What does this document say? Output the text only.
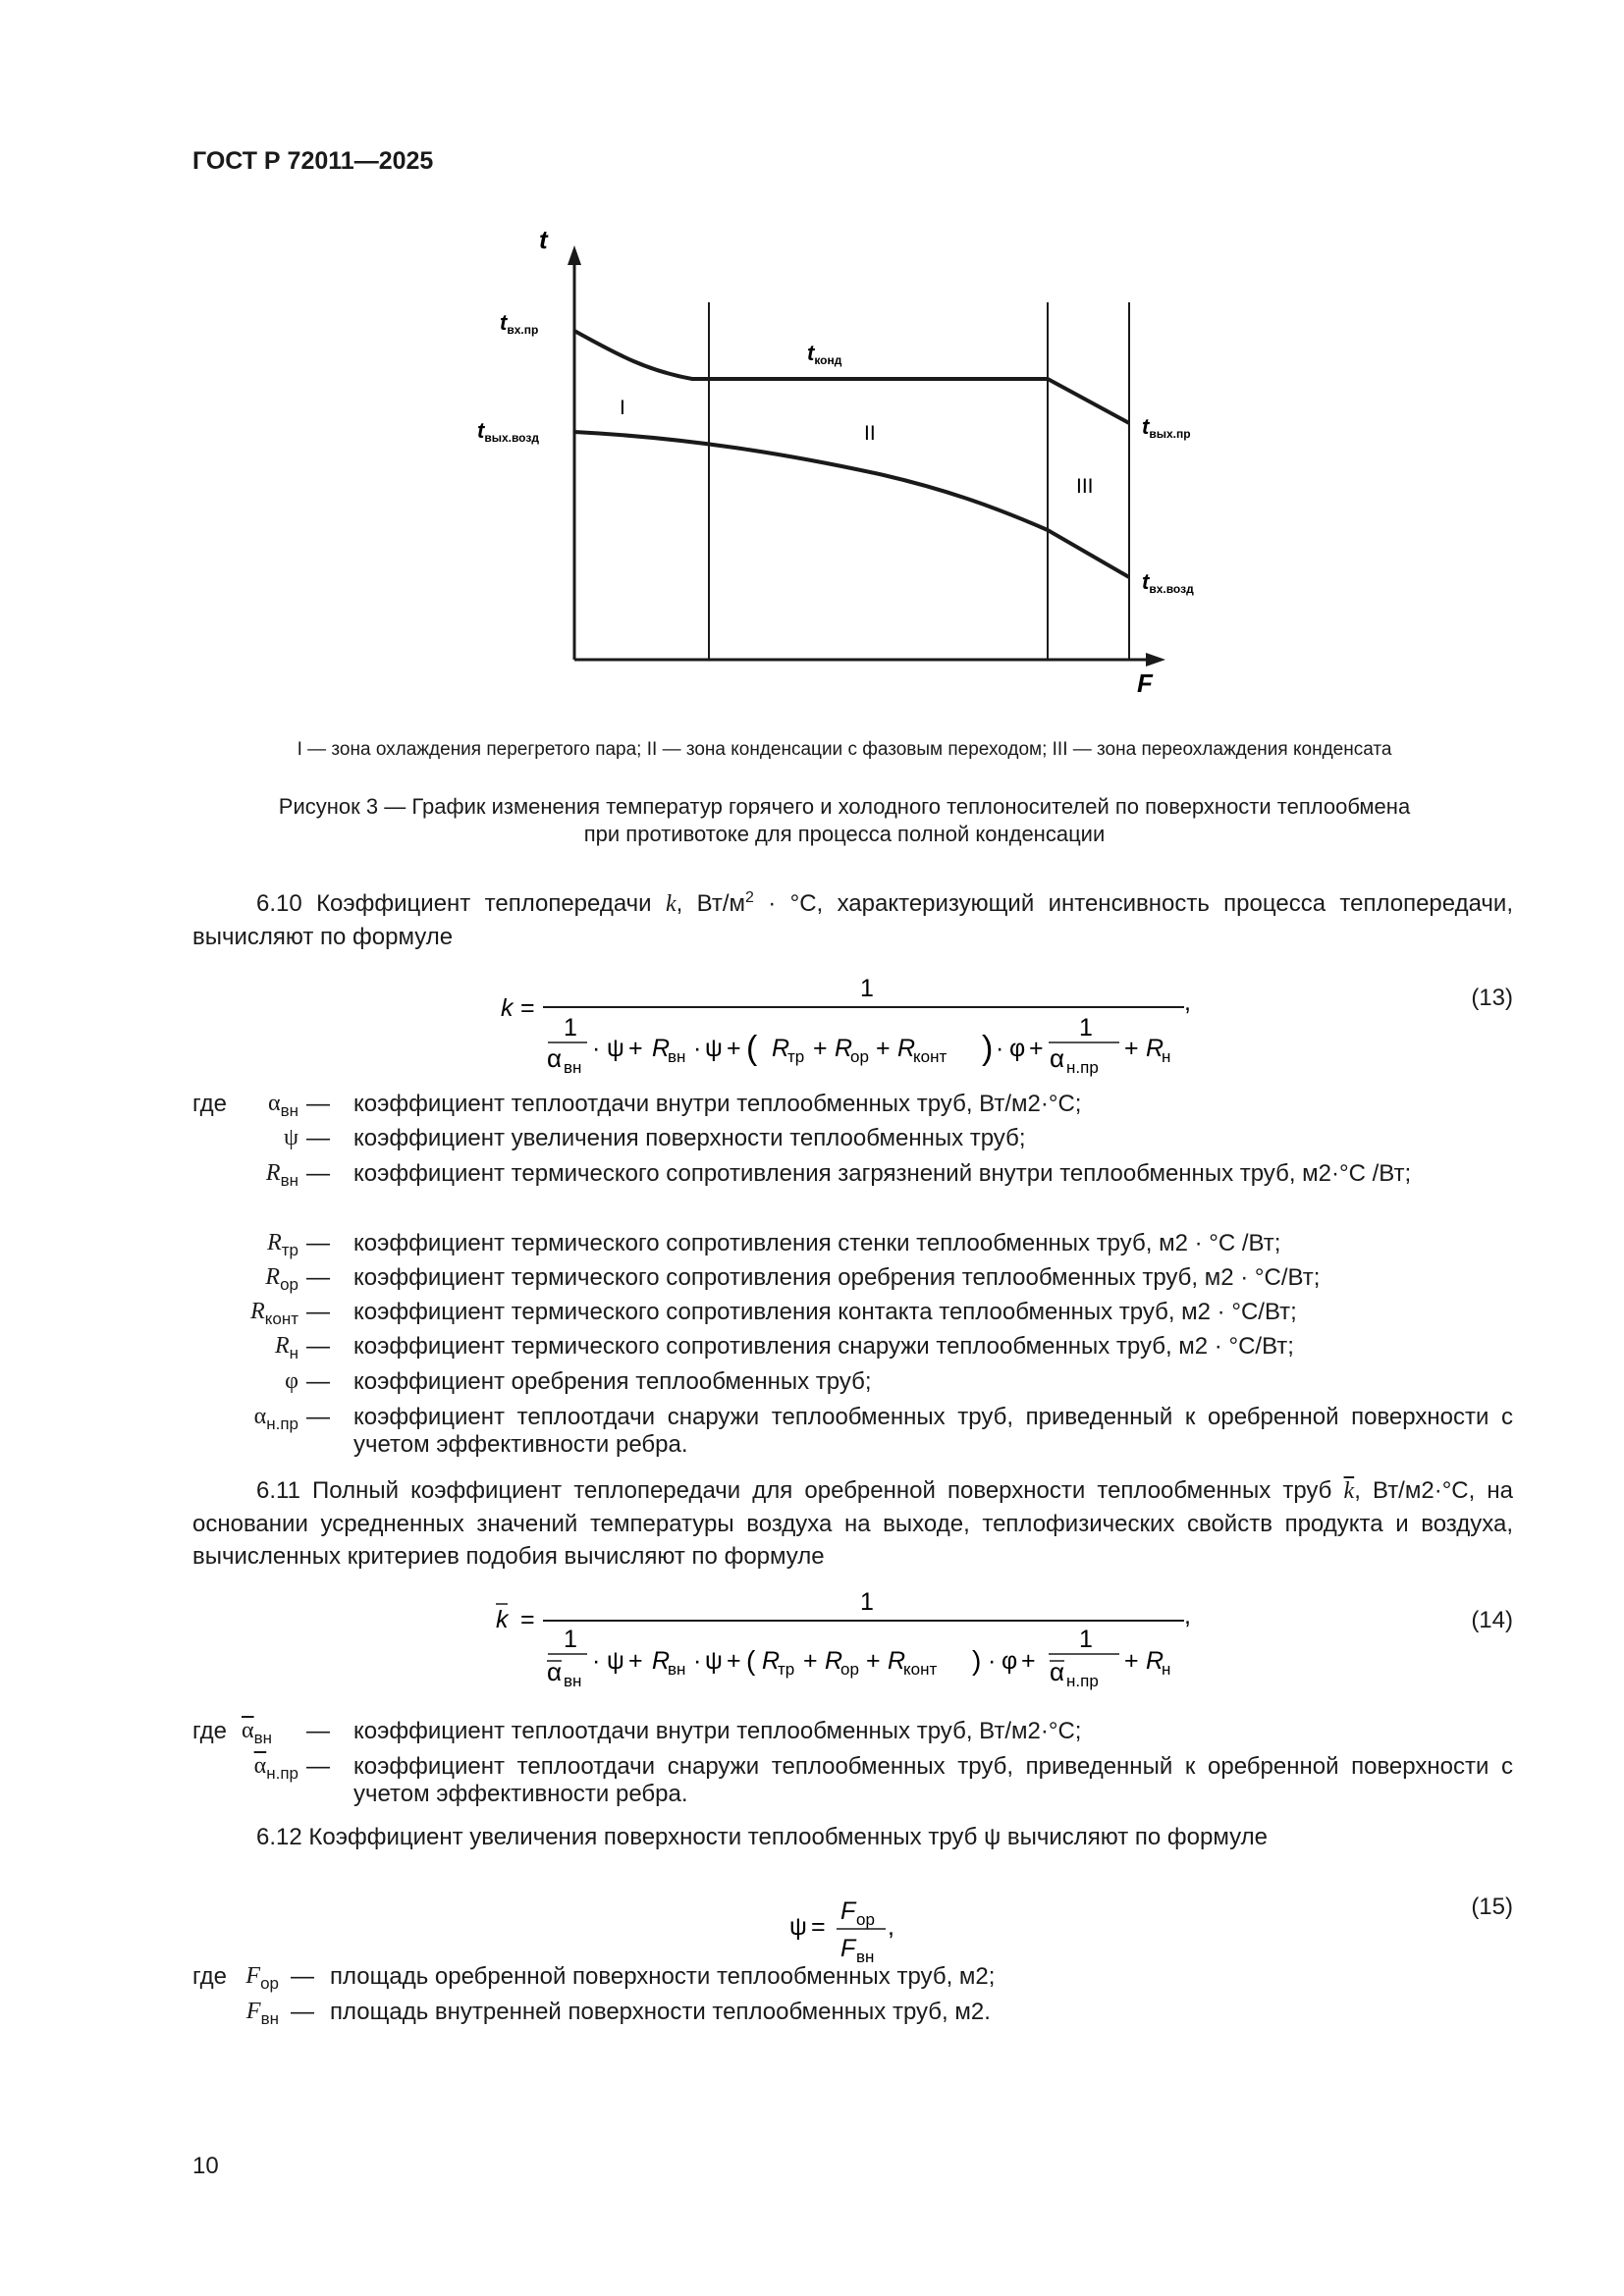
ГОСТ Р 72011—2025
t
F
tвх.пр
tвых.возд
tконд
tвых.пр
tвх.возд
I
II
III
I — зона охлаждения перегретого пара; II — зона конденсации с фазовым переходом; III — зона переохлаждения конденсата
Рисунок 3 — График изменения температур горячего и холодного теплоносителей по поверхности теплообмена
при противотоке для процесса полной конденсации
6.10 Коэффициент теплопередачи k, $Вт/м^2 \cdot ^\circ С$, характеризующий интенсивность процесса теплопередачи, вычисляют по формуле
k =
1
1
α вн
· ψ + R
вн · ψ + ( R
тр + R
ор + R
конт ) · φ +
1
α н.пр
+ R
н
,	(13)
где	$\alpha_{вн}$ — коэффициент теплоотдачи внутри теплообменных труб, Вт/м2·°С;
ψ — коэффициент увеличения поверхности теплообменных труб;
$R_{вн}$ — коэффициент термического сопротивления загрязнений внутри теплообменных труб, м2·°С /Вт;
$R_{тр}$ — коэффициент термического сопротивления стенки теплообменных труб, м2 · °С /Вт;
$R_{ор}$ — коэффициент термического сопротивления оребрения теплообменных труб, м2 · °С/Вт;
$R_{конт}$ — коэффициент термического сопротивления контакта теплообменных труб, м2 · °С/Вт;
$R_н$ — коэффициент термического сопротивления снаружи теплообменных труб, м2 · °С/Вт;
φ — коэффициент оребрения теплообменных труб;
$\alpha_{н.пр}$ — коэффициент теплоотдачи снаружи теплообменных труб, приведенный к оребренной поверхности с учетом эффективности ребра.
6.11 Полный коэффициент теплопередачи для оребренной поверхности теплообменных труб $\overline{k}$, Вт/м2·°С, на основании усредненных значений температуры воздуха на выходе, теплофизических свойств продукта и воздуха, вычисленных критериев подобия вычисляют по формуле
k =
1
1
α вн
· ψ + R
вн · ψ + ( R
тр + R
ор + R
конт ) · φ +
1
α н.пр
+ R
н
,	(14)
где $\overline{\alpha}_{вн}$	— коэффициент теплоотдачи внутри теплообменных труб, Вт/м2·°С;
$\overline{\alpha}_{н.пр}$ — коэффициент теплоотдачи снаружи теплообменных труб, приведенный к оребренной поверхности с учетом эффективности ребра.
6.12 Коэффициент увеличения поверхности теплообменных труб ψ вычисляют по формуле
ψ =
F ор
F вн
,
(15)
где $F_{ор}$ — площадь оребренной поверхности теплообменных труб, м2;
$F_{вн}$ — площадь внутренней поверхности теплообменных труб, м2.
10
